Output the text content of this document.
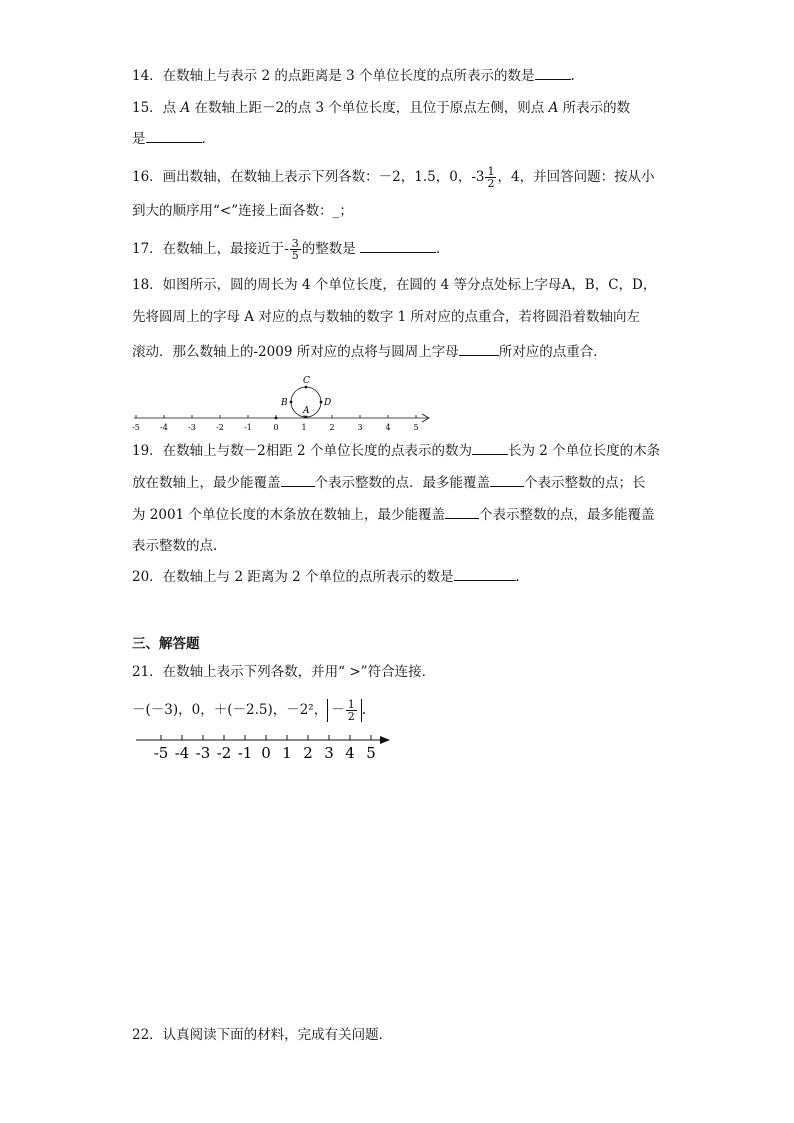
14．在数轴上与表示 2 的点距离是 3 个单位长度的点所表示的数是	.
15．点 A 在数轴上距－2的点 3 个单位长度，且位于原点左侧，则点 A 所表示的数
是	．
16．画出数轴，在数轴上表示下列各数：－2，1.5，0，$-3 \frac{1}{2}$ ，4，并回答问题：按从小
到大的顺序用“<”连接上面各数：_；
17．在数轴上，最接近于- $\frac{3}{5}$ 的整数是	．
18．如图所示，圆的周长为 4 个单位长度，在圆的 4 等分点处标上字母A，B，C，D，
先将圆周上的字母 A 对应的点与数轴的数字 1 所对应的点重合，若将圆沿着数轴向左
滚动．那么数轴上的-2009 所对应的点将与圆周上字母	所对应的点重合．
-5	-4	-3	-2	-1	0	1	2	3	4	5
C
B	D
A
19．在数轴上与数－2相距 2 个单位长度的点表示的数为	长为 2 个单位长度的木条
放在数轴上，最少能覆盖	个表示整数的点．最多能覆盖	个表示整数的点；长
为 2001 个单位长度的木条放在数轴上，最少能覆盖	个表示整数的点，最多能覆盖
表示整数的点.
20．在数轴上与 2 距离为 2 个单位的点所表示的数是	．
三、解答题
21．在数轴上表示下列各数，并用“ >”符合连接．
－(－3)，0，＋(－2.5)，－2²， － $\frac{1}{2}$ .
-5 -4 -3 -2 -1 0 1 2 3 4 5
22．认真阅读下面的材料，完成有关问题．
